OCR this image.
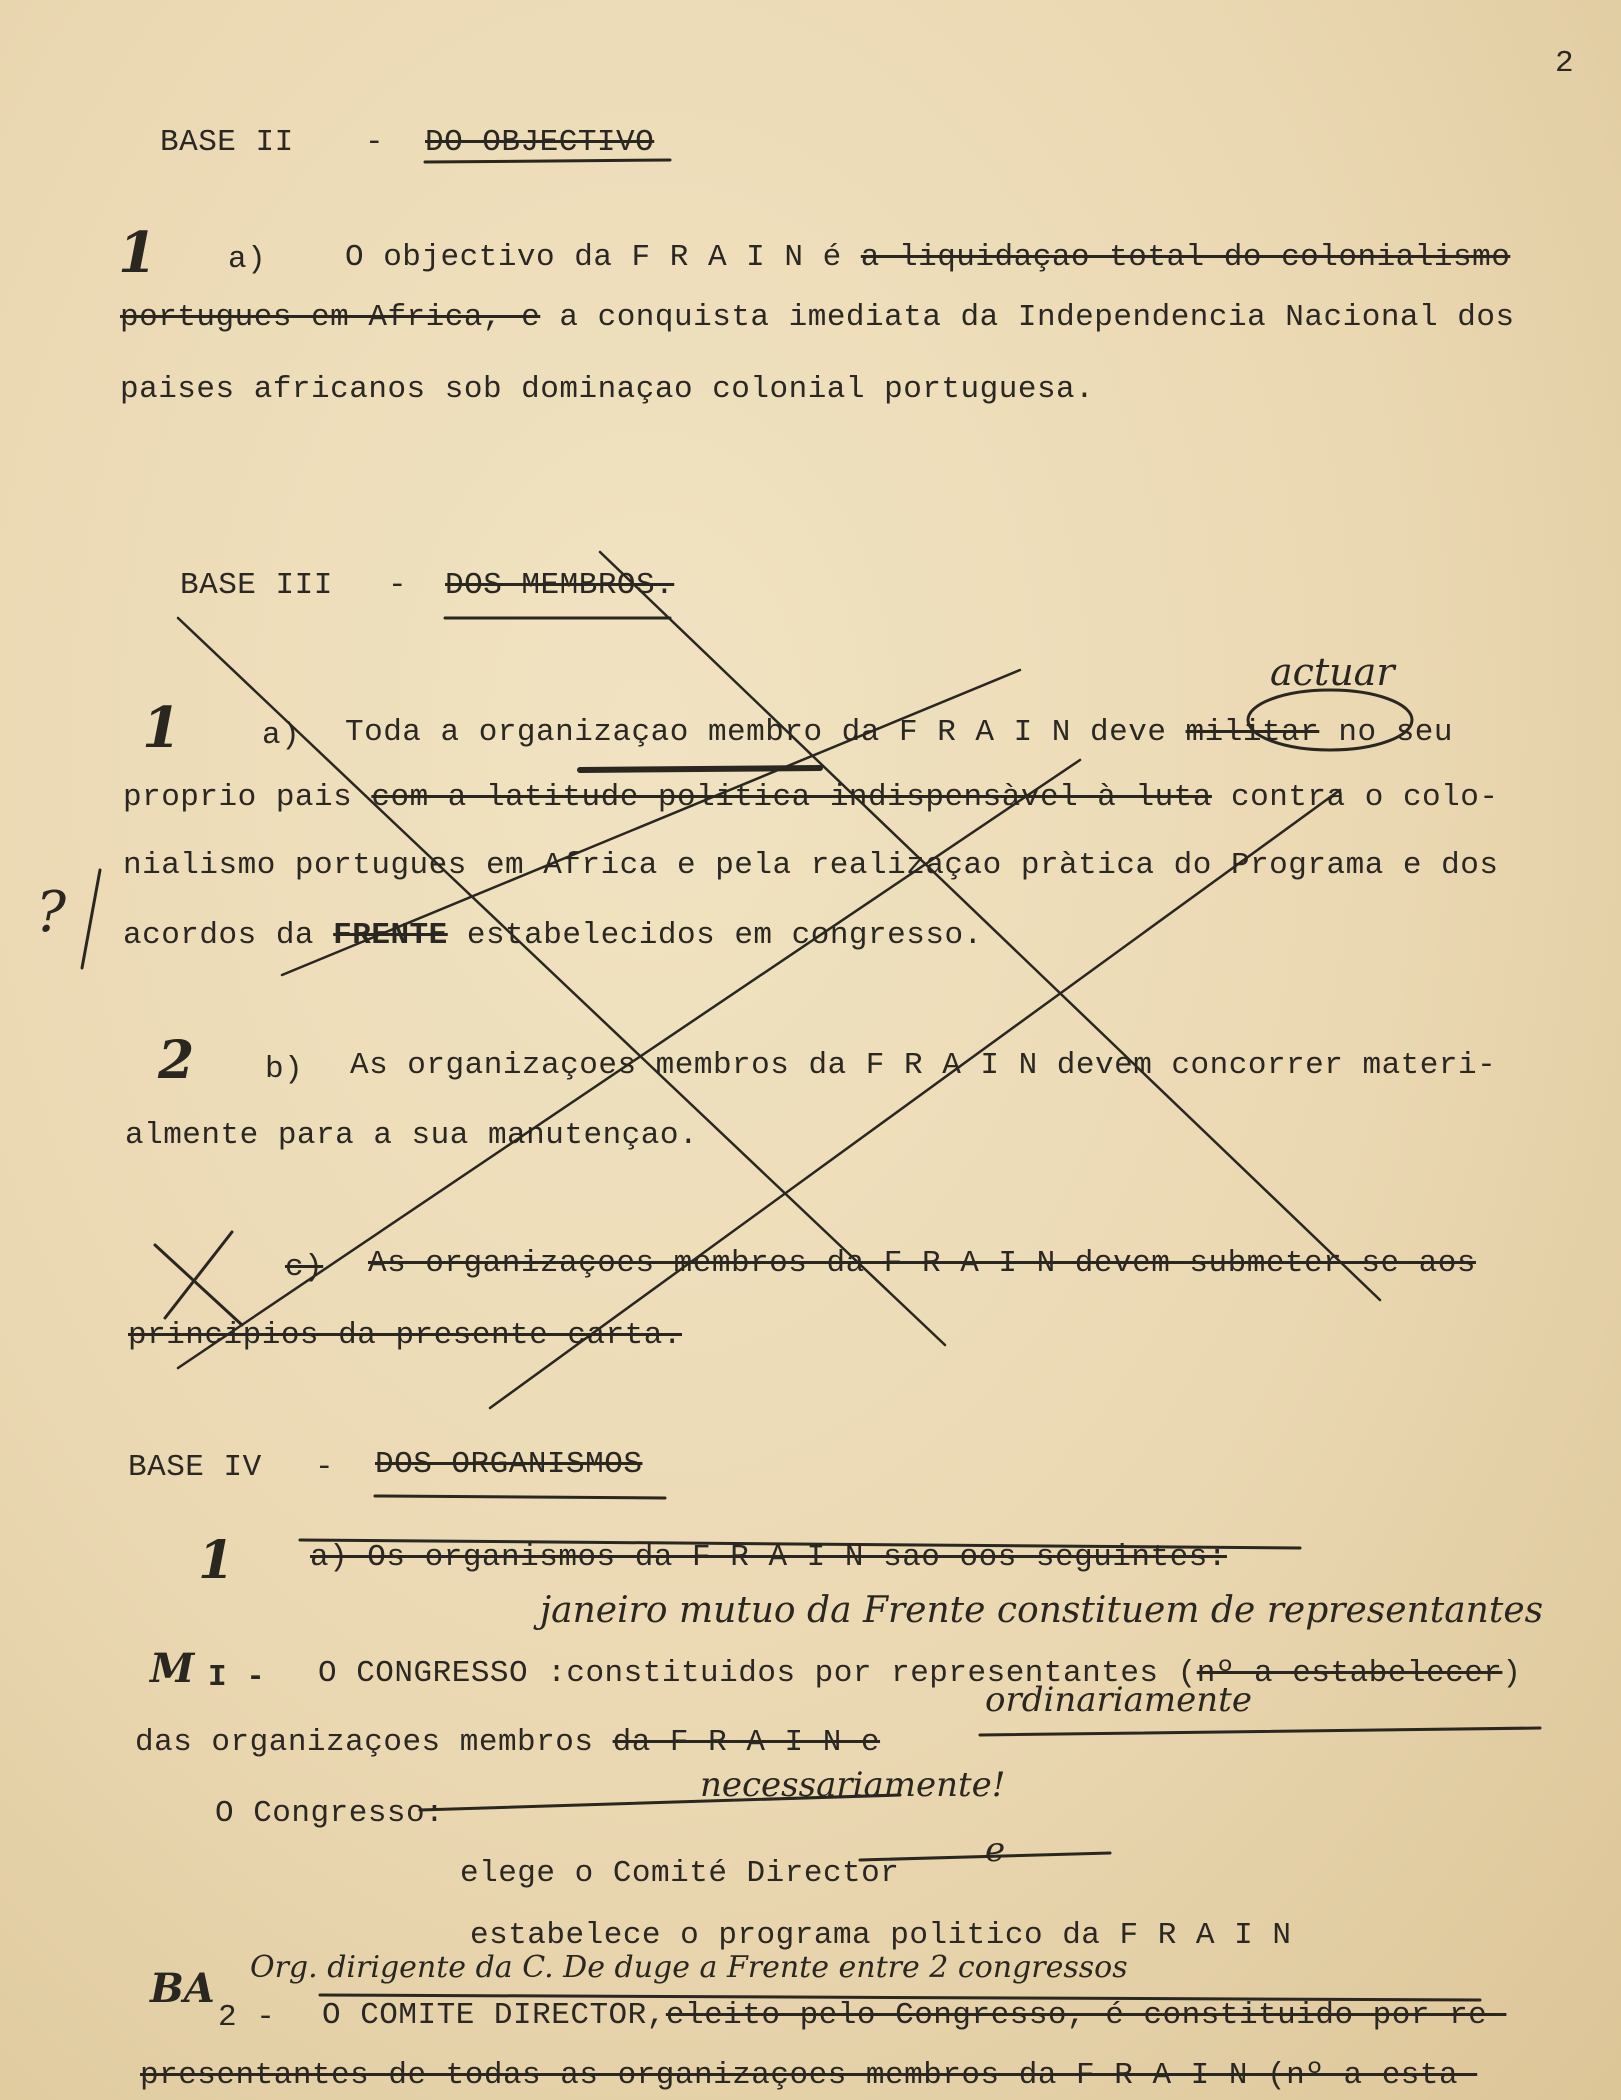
2
BASE II - DO OBJECTIVO
1 a)	O objectivo da F R A I N é a liquidaçao total do colonialismo
portugues em Africa, e a conquista imediata da Independencia Nacional dos
paises africanos sob dominaçao colonial portuguesa.
BASE III - DOS MEMBROS.
actuar
1	a) Toda a organizaçao membro da F R A I N deve militar no seu
proprio pais com a latitude politica indispensàvel à luta contra o colo-
nialismo portugues em Africa e pela realizaçao pràtica do Programa e dos
? acordos da FRENTE estabelecidos em congresso.
2 b) As organizaçoes membros da F R A I N devem concorrer materi-
almente para a sua manutençao.
c) As organizaçoes membros da F R A I N devem submeter-se aos
principios da presente carta.
BASE IV - DOS ORGANISMOS
1 a) Os organismos da F R A I N sao oos seguintes:
janeiro mutuo da Frente constituem de representantes
M I - O CONGRESSO :constituidos por representantes (nº a estabelecer)
ordinariamente
das organizaçoes membros da F R A I N e
necessariamente!
O Congresso:
elege o Comité Director
e
estabelece o programa politico da F R A I N
Org. dirigente da C. De duge a Frente entre 2 congressos
BA
2 - O COMITE DIRECTOR,eleito pelo Congresso, é constituido por re-
presentantes de todas as organizaçoes membros da F R A I N (nº a esta-
